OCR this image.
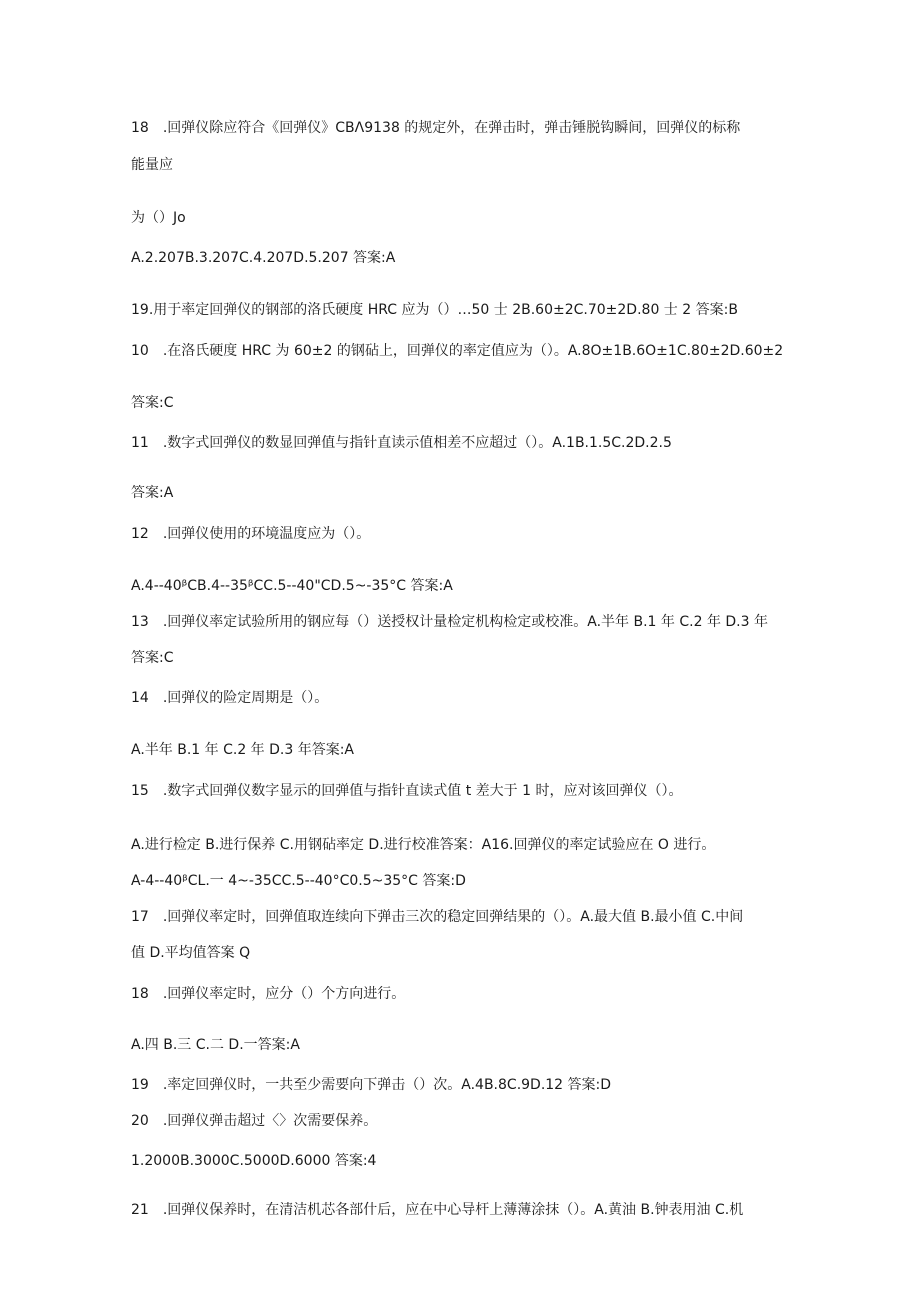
18　.回弹仪除应符合《回弹仪》CBΛ9138 的规定外，在弹击时，弹击锤脱钩瞬间，回弹仪的标称
能量应
为（）Jo
A.2.207B.3.207C.4.207D.5.207 答案:A
19.用于率定回弹仪的钢部的洛氏硬度 HRC 应为（）…50 士 2B.60±2C.70±2D.80 士 2 答案:B
10　.在洛氏硬度 HRC 为 60±2 的钢砧上，回弹仪的率定值应为（）。A.8O±1B.6O±1C.80±2D.60±2
答案:C
11　.数字式回弹仪的数显回弹值与指针直读示值相差不应超过（）。A.1B.1.5C.2D.2.5
答案:A
12　.回弹仪使用的环境温度应为（）。
A.4--40ᵝCB.4--35ᵝCC.5--40"CD.5~-35°C 答案:A
13　.回弹仪率定试验所用的钢应每（）送授权计量检定机构检定或校准。A.半年 B.1 年 C.2 年 D.3 年
答案:C
14　.回弹仪的险定周期是（）。
A.半年 B.1 年 C.2 年 D.3 年答案:A
15　.数字式回弹仪数字显示的回弹值与指针直读式值 t 差大于 1 时，应对该回弹仪（）。
A.进行检定 B.进行保养 C.用钢砧率定 D.进行校准答案：A16.回弹仪的率定试验应在 O 进行。
A-4--40ᵝCL.一 4~-35CC.5--40°C0.5~35°C 答案:D
17　.回弹仪率定时，回弹值取连续向下弹击三次的稳定回弹结果的（）。A.最大值 B.最小值 C.中间
值 D.平均值答案 Q
18　.回弹仪率定时，应分（）个方向进行。
A.四 B.三 C.二 D.一答案:A
19　.率定回弹仪时，一共至少需要向下弹击（）次。A.4B.8C.9D.12 答案:D
20　.回弹仪弹击超过〈〉次需要保养。
1.2000B.3000C.5000D.6000 答案:4
21　.回弹仪保养时，在清洁机芯各部什后，应在中心导杆上薄薄涂抹（）。A.黄油 B.钟表用油 C.机
